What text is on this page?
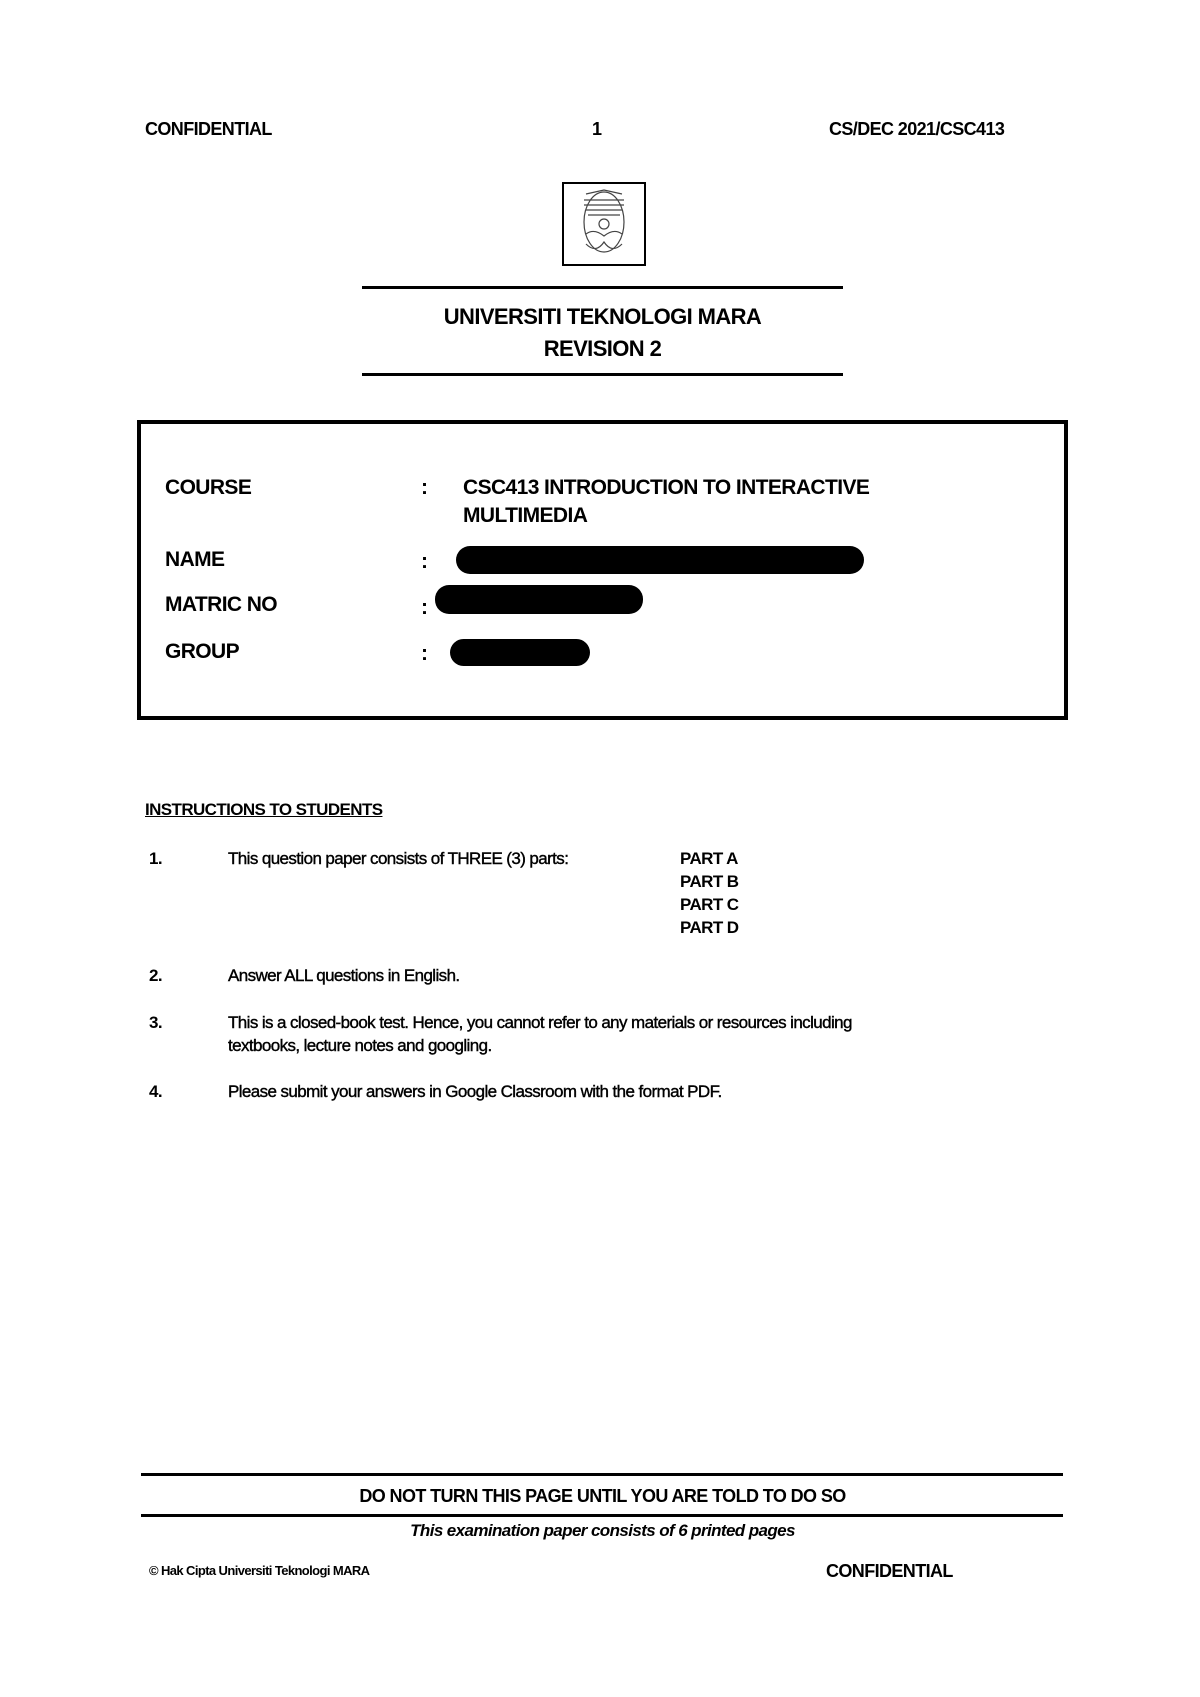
CONFIDENTIAL	1	CS/DEC 2021/CSC413
UNIVERSITI TEKNOLOGI MARA
REVISION 2
COURSE	: CSC413 INTRODUCTION TO INTERACTIVE
MULTIMEDIA
NAME	:
MATRIC NO	:
GROUP	:
INSTRUCTIONS TO STUDENTS
1.	This question paper consists of THREE (3) parts:	PART A
PART B
PART C
PART D
2.	Answer ALL questions in English.
3.	This is a closed-book test. Hence, you cannot refer to any materials or resources including
textbooks, lecture notes and googling.
4.	Please submit your answers in Google Classroom with the format PDF.
DO NOT TURN THIS PAGE UNTIL YOU ARE TOLD TO DO SO
This examination paper consists of 6 printed pages
© Hak Cipta Universiti Teknologi MARA	CONFIDENTIAL
